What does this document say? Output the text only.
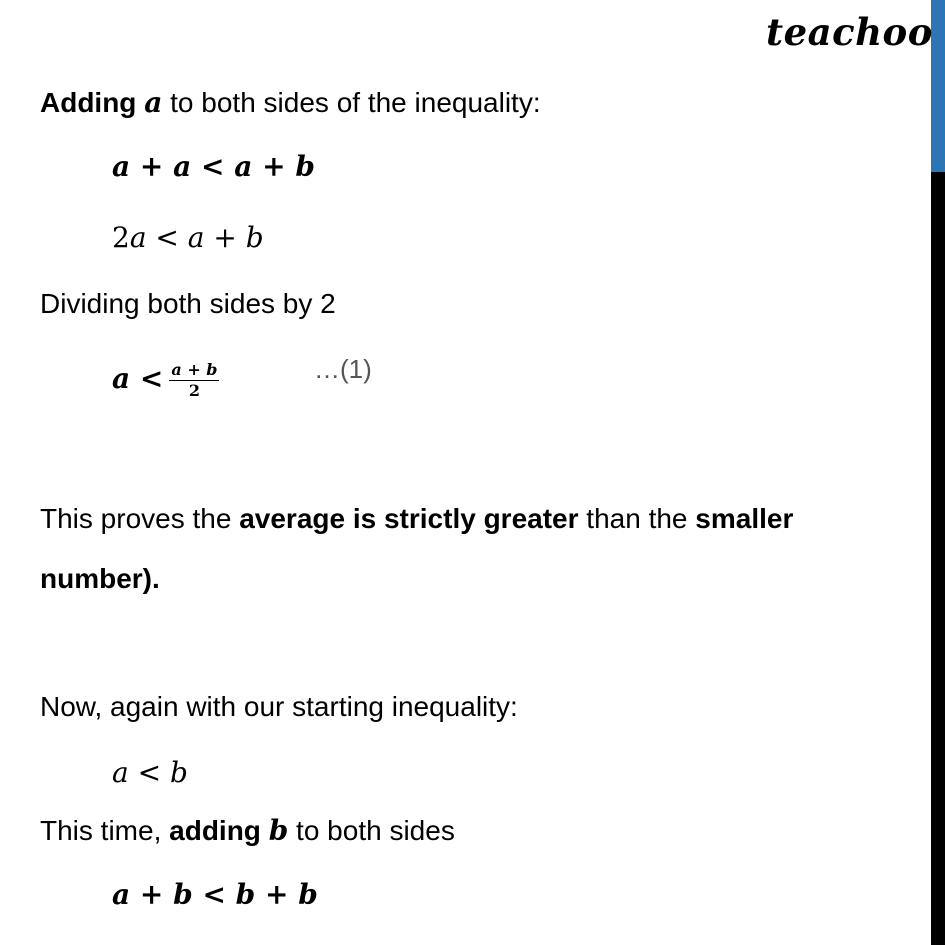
teachoo
Adding a to both sides of the inequality:
a + a < a + b
2a < a + b
Dividing both sides by 2
$a < \frac{a + b}{2}$	…(1)
This proves the average is strictly greater than the smaller
number).
Now, again with our starting inequality:
a < b
This time, adding b to both sides
a + b < b + b
